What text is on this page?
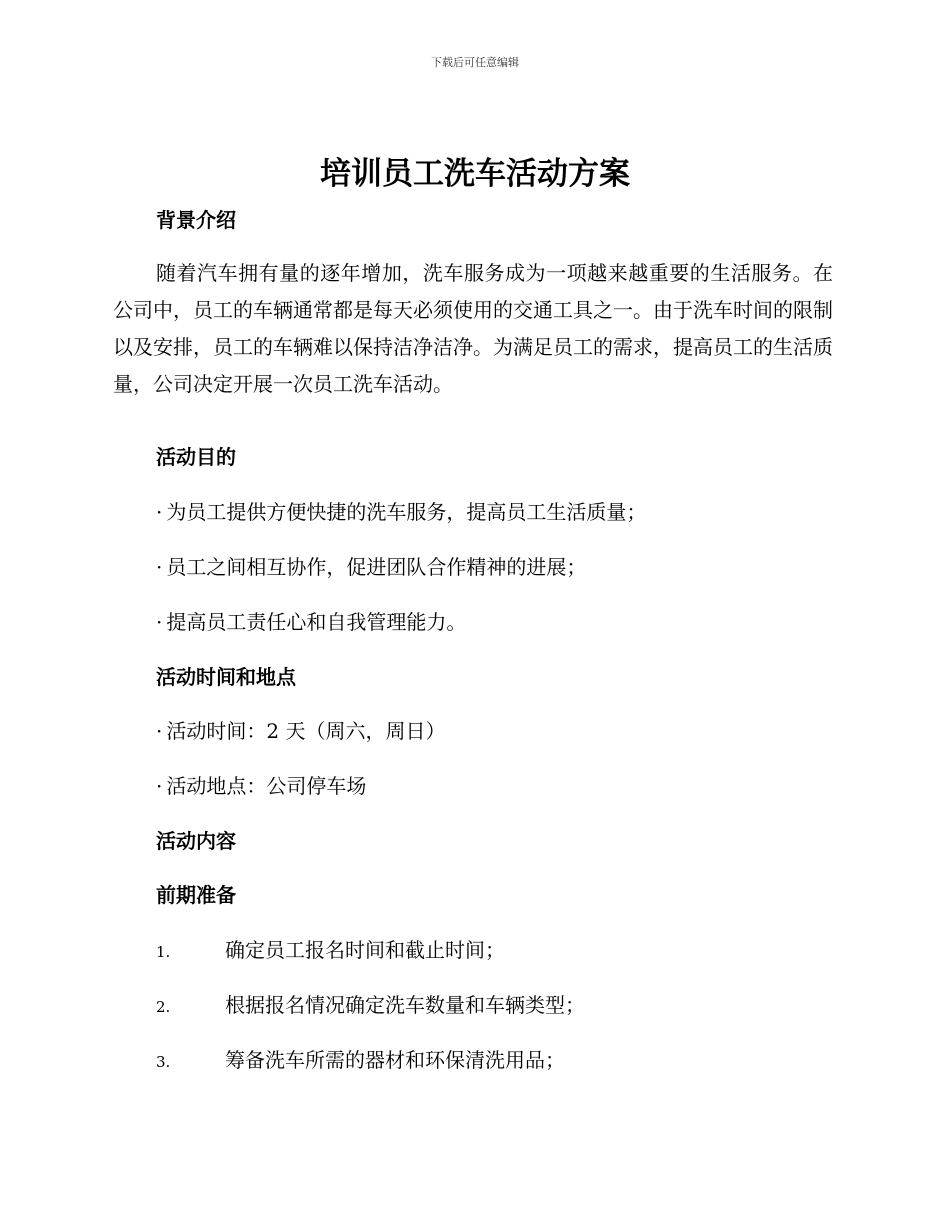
下载后可任意编辑
培训员工洗车活动方案
背景介绍

随着汽车拥有量的逐年增加，洗车服务成为一项越来越重要的生活服务。在公司中，员工的车辆通常都是每天必须使用的交通工具之一。由于洗车时间的限制以及安排，员工的车辆难以保持洁净洁净。为满足员工的需求，提高员工的生活质量，公司决定开展一次员工洗车活动。

活动目的
· 为员工提供方便快捷的洗车服务，提高员工生活质量；
· 员工之间相互协作，促进团队合作精神的进展；
· 提高员工责任心和自我管理能力。
活动时间和地点
· 活动时间：2 天（周六，周日）
· 活动地点：公司停车场
活动内容
前期准备
1.	确定员工报名时间和截止时间；
2.	根据报名情况确定洗车数量和车辆类型；
3.	筹备洗车所需的器材和环保清洗用品；
